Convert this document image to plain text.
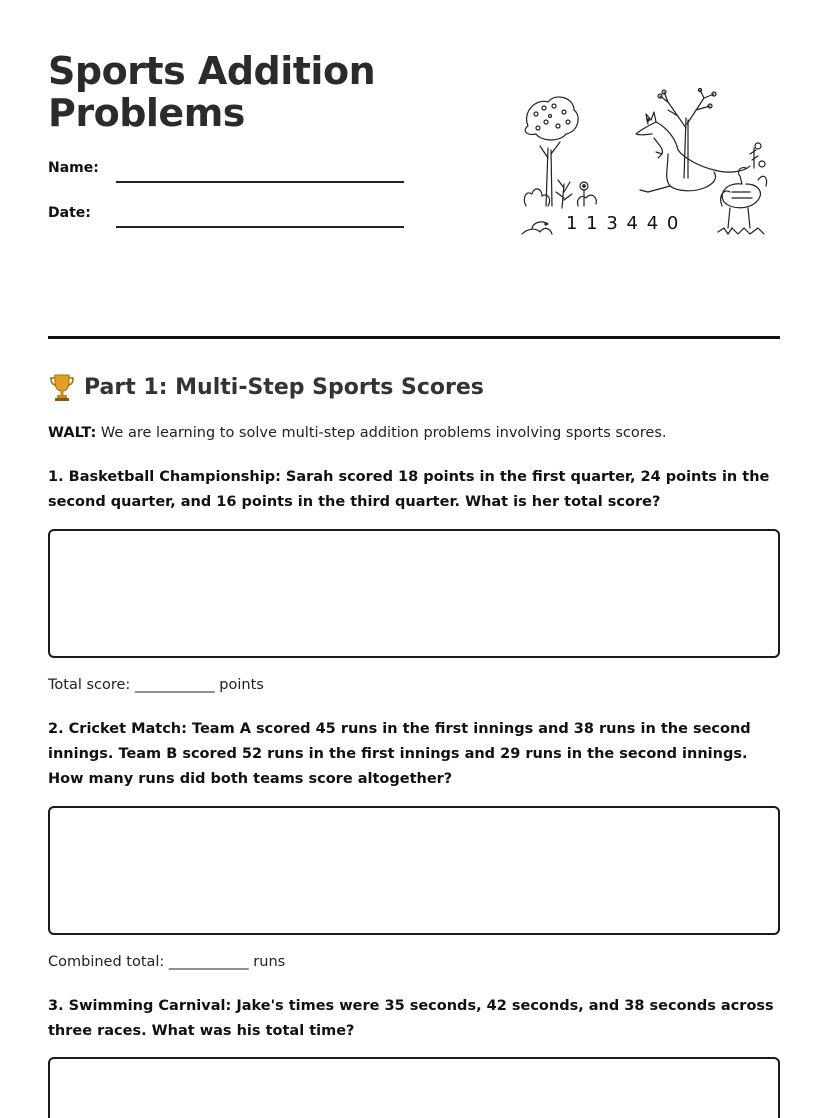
Sports Addition Problems
Name:
Date:	1 1 3 4 4 0
Part 1: Multi-Step Sports Scores
WALT: We are learning to solve multi-step addition problems involving sports scores.

1. Basketball Championship: Sarah scored 18 points in the first quarter, 24 points in the second quarter, and 16 points in the third quarter. What is her total score?

Total score: ___________ points

2. Cricket Match: Team A scored 45 runs in the first innings and 38 runs in the second innings. Team B scored 52 runs in the first innings and 29 runs in the second innings. How many runs did both teams score altogether?

Combined total: ___________ runs

3. Swimming Carnival: Jake's times were 35 seconds, 42 seconds, and 38 seconds across three races. What was his total time?
